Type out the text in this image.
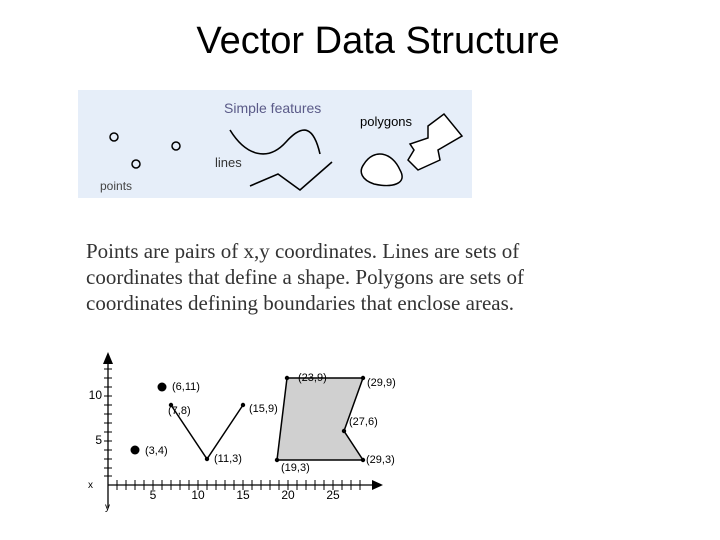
Vector Data Structure
Simple features
polygons
lines
points
Points are pairs of x,y coordinates. Lines are sets of coordinates that define a shape. Polygons are sets of coordinates defining boundaries that enclose areas.
5	10	15	20	25
5
10
x
y
(6,11)
(3,4)
(7,8)
(11,3)
(15,9)
(23,9)	(29,9)
(27,6)
(29,3)
(19,3)
